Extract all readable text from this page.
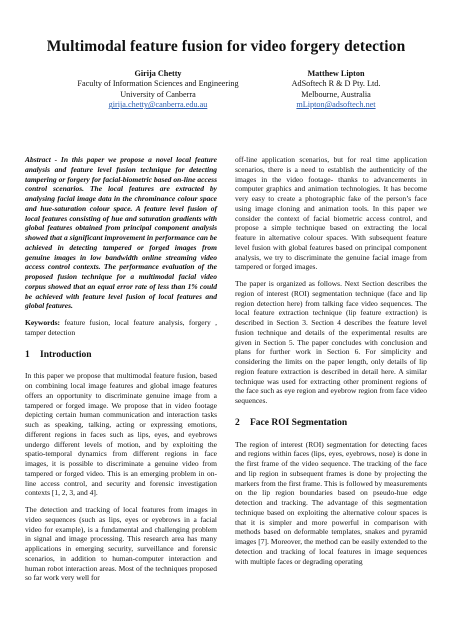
Multimodal feature fusion for video forgery detection
Girija Chetty
Faculty of Information Sciences and Engineering
University of Canberra
girija.chetty@canberra.edu.au
Matthew Lipton
AdSoftech R & D Pty. Ltd.
Melbourne, Australia
mLipton@adsoftech.net

Abstract - In this paper we propose a novel local feature analysis and feature level fusion technique for detecting tampering or forgery for facial-biometric based on-line access control scenarios. The local features are extracted by analysing facial image data in the chrominance colour space and hue-saturation colour space. A feature level fusion of local features consisting of hue and saturation gradients with global features obtained from principal component analysis showed that a significant improvement in performance can be achieved in detecting tampered or forged images from genuine images in low bandwidth online streaming video access control contexts. The performance evaluation of the proposed fusion technique for a multimodal facial video corpus showed that an equal error rate of less than 1% could be achieved with feature level fusion of local features and global features.

Keywords: feature fusion, local feature analysis, forgery , tamper detection

1 Introduction

In this paper we propose that multimodal feature fusion, based on combining local image features and global image features offers an opportunity to discriminate genuine image from a tampered or forged image. We propose that in video footage depicting certain human communication and interaction tasks such as speaking, talking, acting or expressing emotions, different regions in faces such as lips, eyes, and eyebrows undergo different levels of motion, and by exploiting the spatio-temporal dynamics from different regions in face images, it is possible to discriminate a genuine video from tampered or forged video. This is an emerging problem in on-line access control, and security and forensic investigation contexts [1, 2, 3, and 4].

The detection and tracking of local features from images in video sequences (such as lips, eyes or eyebrows in a facial video for example), is a fundamental and challenging problem in signal and image processing. This research area has many applications in emerging security, surveillance and forensic scenarios, in addition to human-computer interaction and human robot interaction areas. Most of the techniques proposed so far work very well for

off-line application scenarios, but for real time application scenarios, there is a need to establish the authenticity of the images in the video footage- thanks to advancements in computer graphics and animation technologies. It has become very easy to create a photographic fake of the person’s face using image cloning and animation tools. In this paper we consider the context of facial biometric access control, and propose a simple technique based on extracting the local feature in alternative colour spaces. With subsequent feature level fusion with global features based on principal component analysis, we try to discriminate the genuine facial image from tampered or forged images.

The paper is organized as follows. Next Section describes the region of interest (ROI) segmentation technique (face and lip region detection here) from talking face video sequences. The local feature extraction technique (lip feature extraction) is described in Section 3. Section 4 describes the feature level fusion technique and details of the experimental results are given in Section 5. The paper concludes with conclusion and plans for further work in Section 6. For simplicity and considering the limits on the paper length, only details of lip region feature extraction is described in detail here. A similar technique was used for extracting other prominent regions of the face such as eye region and eyebrow region from face video sequences.

2 Face ROI Segmentation

The region of interest (ROI) segmentation for detecting faces and regions within faces (lips, eyes, eyebrows, nose) is done in the first frame of the video sequence. The tracking of the face and lip region in subsequent frames is done by projecting the markers from the first frame. This is followed by measurements on the lip region boundaries based on pseudo-hue edge detection and tracking. The advantage of this segmentation technique based on exploiting the alternative colour spaces is that it is simpler and more powerful in comparison with methods based on deformable templates, snakes and pyramid images [7]. Moreover, the method can be easily extended to the detection and tracking of local features in image sequences with multiple faces or degrading operating
